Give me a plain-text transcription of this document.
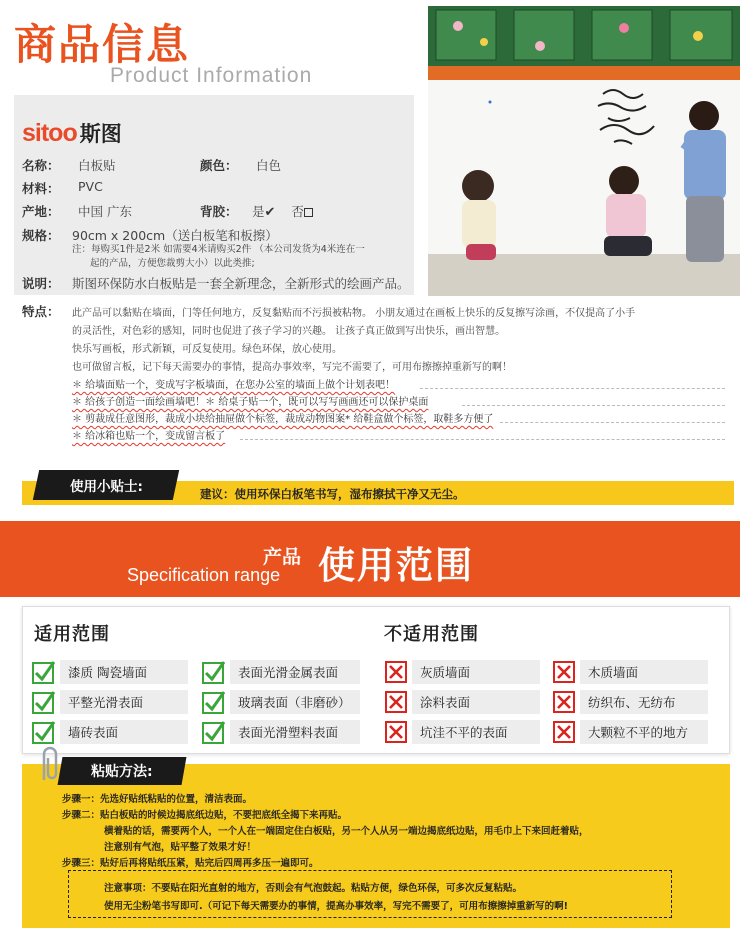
商品信息
Product Information
sitoo 斯图
名称： 白板贴	颜色： 白色
材料： PVC
产地： 中国 广东	背胶： 是✔ 否
规格： 90cm x 200cm（送白板笔和板擦）
注：每购买1件是2米 如需要4米请购买2件 （本公司发货为4米连在一
起的产品，方便您裁剪大小）以此类推;
说明： 斯图环保防水白板贴是一套全新理念，全新形式的绘画产品。
特点： 此产品可以黏贴在墙面，门等任何地方，反复黏贴而不污损被粘物。 小朋友通过在画板上快乐的反复擦写涂画，不仅提高了小手
的灵活性，对色彩的感知，同时也促进了孩子学习的兴趣。 让孩子真正做到写出快乐，画出智慧。
快乐写画板，形式新颖，可反复使用。绿色环保，放心使用。
也可做留言板，记下每天需要办的事情，提高办事效率，写完不需要了，可用布擦擦掉重新写的啊！
＊ 给墙面贴一个，变成写字板墙面，在您办公室的墙面上做个计划表吧！
＊ 给孩子创造一面绘画墙吧！＊ 给桌子贴一个，既可以写写画画还可以保护桌面
＊ 剪裁成任意图形，裁成小块给抽屉做个标签，裁成动物图案* 给鞋盒做个标签，取鞋多方便了
＊ 给冰箱也贴一个，变成留言板了
使用小贴士:	建议：使用环保白板笔书写，湿布擦拭干净又无尘。
产品
Specification range 使用范围
适用范围	不适用范围
漆质 陶瓷墙面	表面光滑金属表面
平整光滑表面	玻璃表面（非磨砂）
墙砖表面	表面光滑塑料表面
灰质墙面	木质墙面
涂料表面	纺织布、无纺布
坑洼不平的表面	大颗粒不平的地方
粘贴方法:
步骤一：先选好贴纸粘贴的位置，清洁表面。
步骤二：贴白板贴的时候边揭底纸边贴，不要把底纸全揭下来再贴。
横着贴的话，需要两个人，一个人在一端固定住白板贴，另一个人从另一端边揭底纸边贴，用毛巾上下来回赶着贴，
注意别有气泡，贴平整了效果才好！
步骤三：贴好后再将贴纸压紧，贴完后四周再多压一遍即可。
注意事项：不要贴在阳光直射的地方，否则会有气泡鼓起。粘贴方便，绿色环保，可多次反复粘贴。
使用无尘粉笔书写即可.（可记下每天需要办的事情，提高办事效率，写完不需要了，可用布擦擦掉重新写的啊!
